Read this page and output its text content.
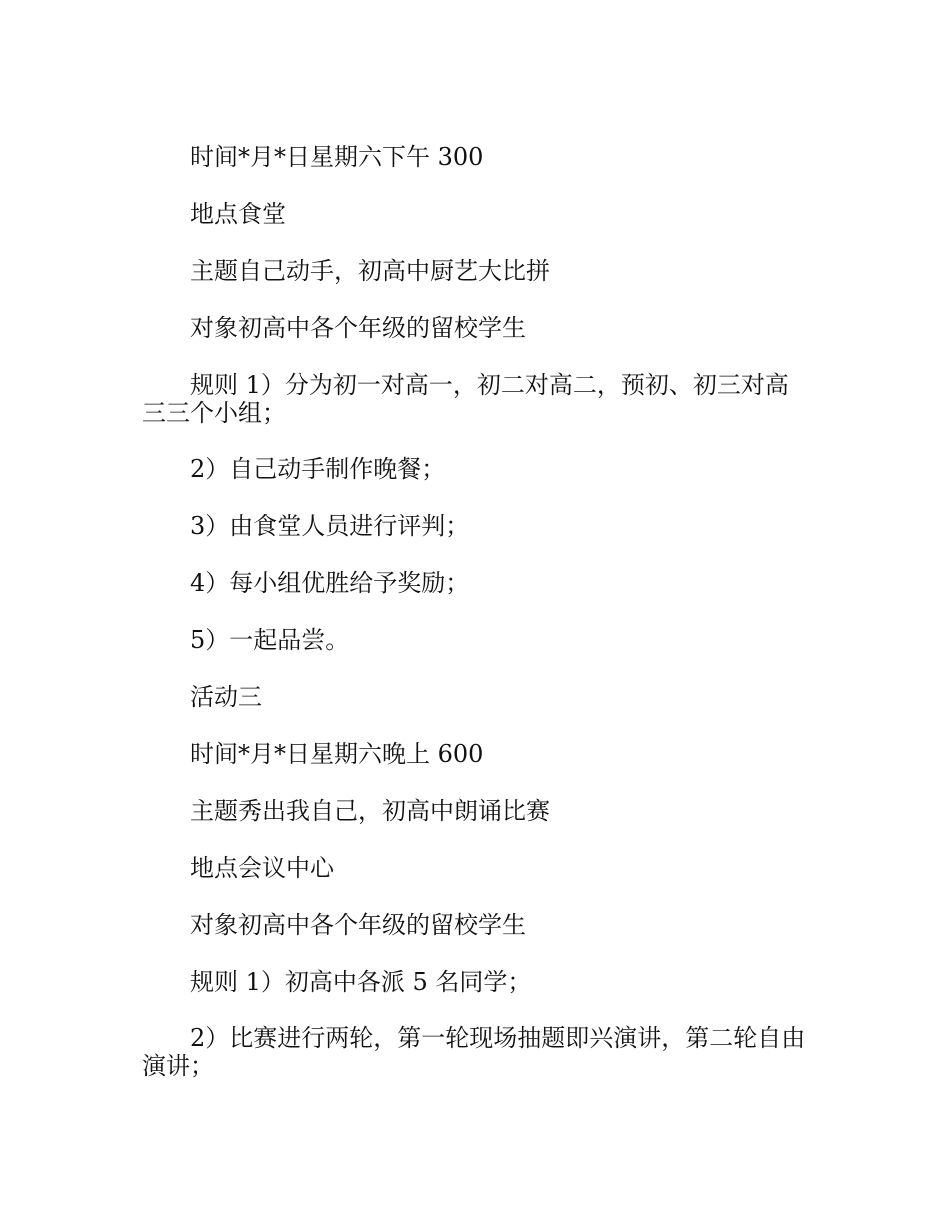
时间*月*日星期六下午 300

地点食堂

主题自己动手，初高中厨艺大比拼

对象初高中各个年级的留校学生

规则 1）分为初一对高一，初二对高二，预初、初三对高三三个小组；

2）自己动手制作晚餐；

3）由食堂人员进行评判；

4）每小组优胜给予奖励；

5）一起品尝。

活动三

时间*月*日星期六晚上 600

主题秀出我自己，初高中朗诵比赛

地点会议中心

对象初高中各个年级的留校学生

规则 1）初高中各派 5 名同学；

2）比赛进行两轮，第一轮现场抽题即兴演讲，第二轮自由演讲；
